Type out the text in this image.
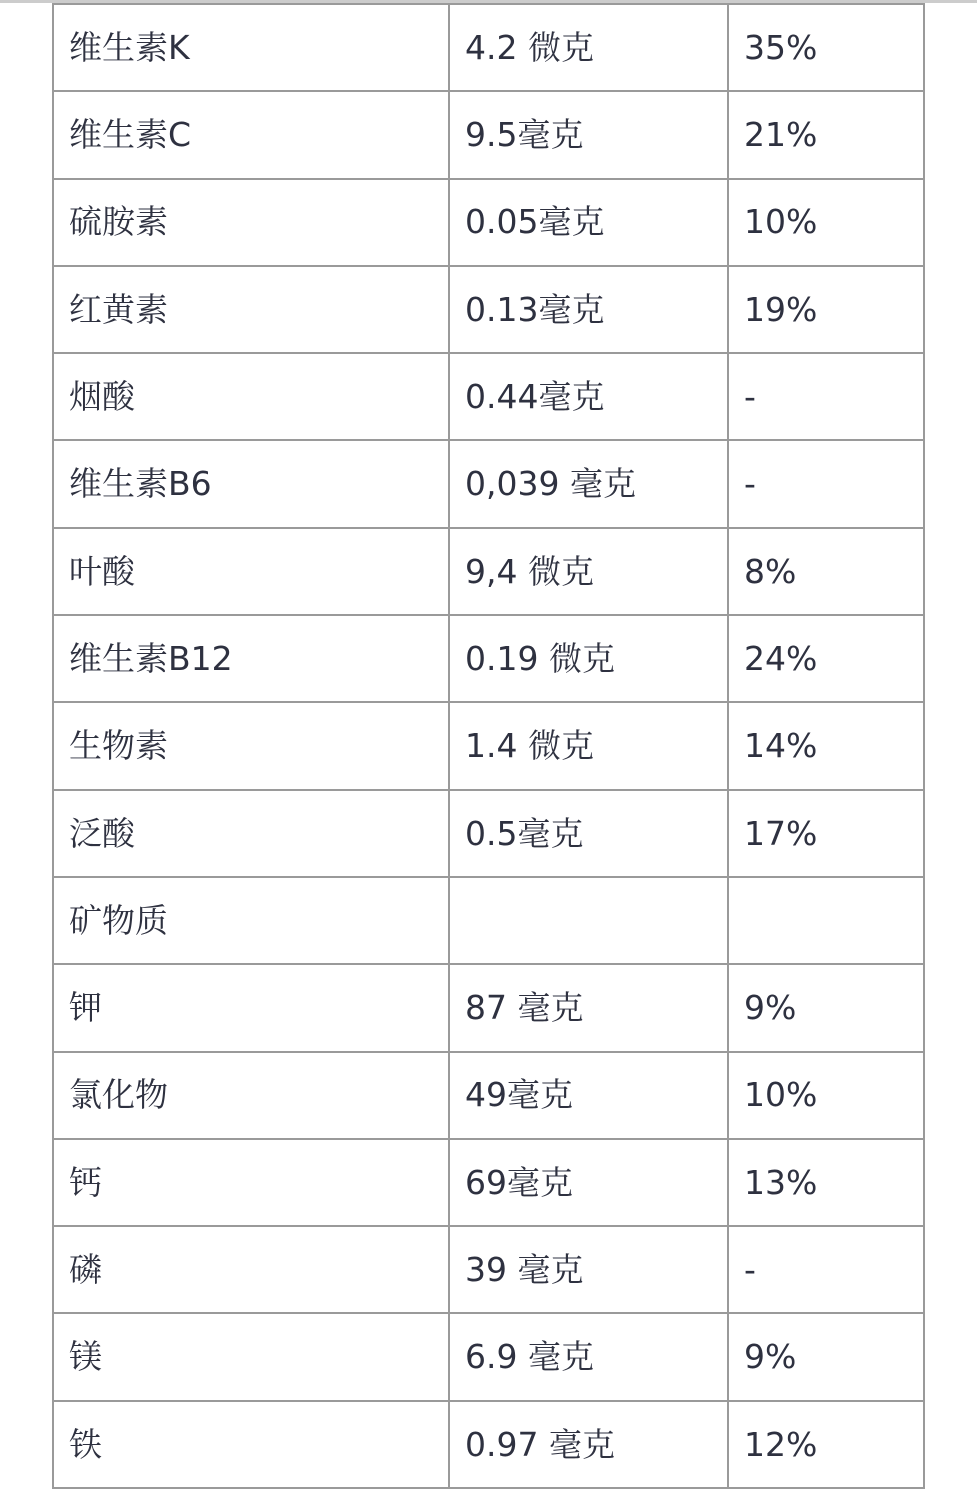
维生素K	4.2 微克	35%
维生素C	9.5毫克	21%
硫胺素	0.05毫克	10%
红黄素	0.13毫克	19%
烟酸	0.44毫克	-
维生素B6	0,039 毫克	-
叶酸	9,4 微克	8%
维生素B12	0.19 微克	24%
生物素	1.4 微克	14%
泛酸	0.5毫克	17%
矿物质		
钾	87 毫克	9%
氯化物	49毫克	10%
钙	69毫克	13%
磷	39 毫克	-
镁	6.9 毫克	9%
铁	0.97 毫克	12%
